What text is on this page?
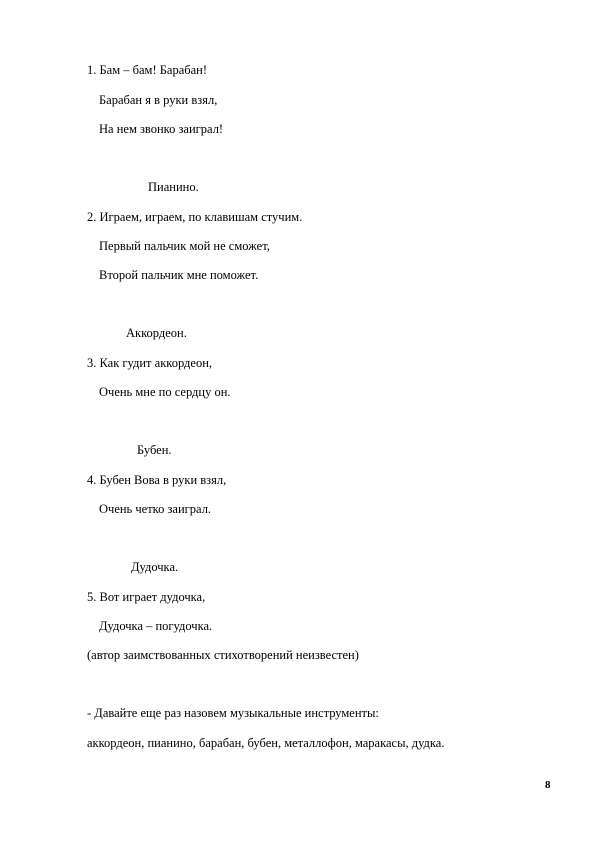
1. Бам – бам! Барабан!
Барабан я в руки взял,
На нем звонко заиграл!
Пианино.
2. Играем, играем, по клавишам стучим.
Первый пальчик мой не сможет,
Второй пальчик мне поможет.
Аккордеон.
3. Как гудит аккордеон,
Очень мне по сердцу он.
Бубен.
4. Бубен Вова в руки взял,
Очень четко заиграл.
Дудочка.
5. Вот играет дудочка,
Дудочка – погудочка.
(автор заимствованных стихотворений неизвестен)
- Давайте еще раз назовем музыкальные инструменты:
аккордеон, пианино, барабан, бубен, металлофон, маракасы, дудка.
8
